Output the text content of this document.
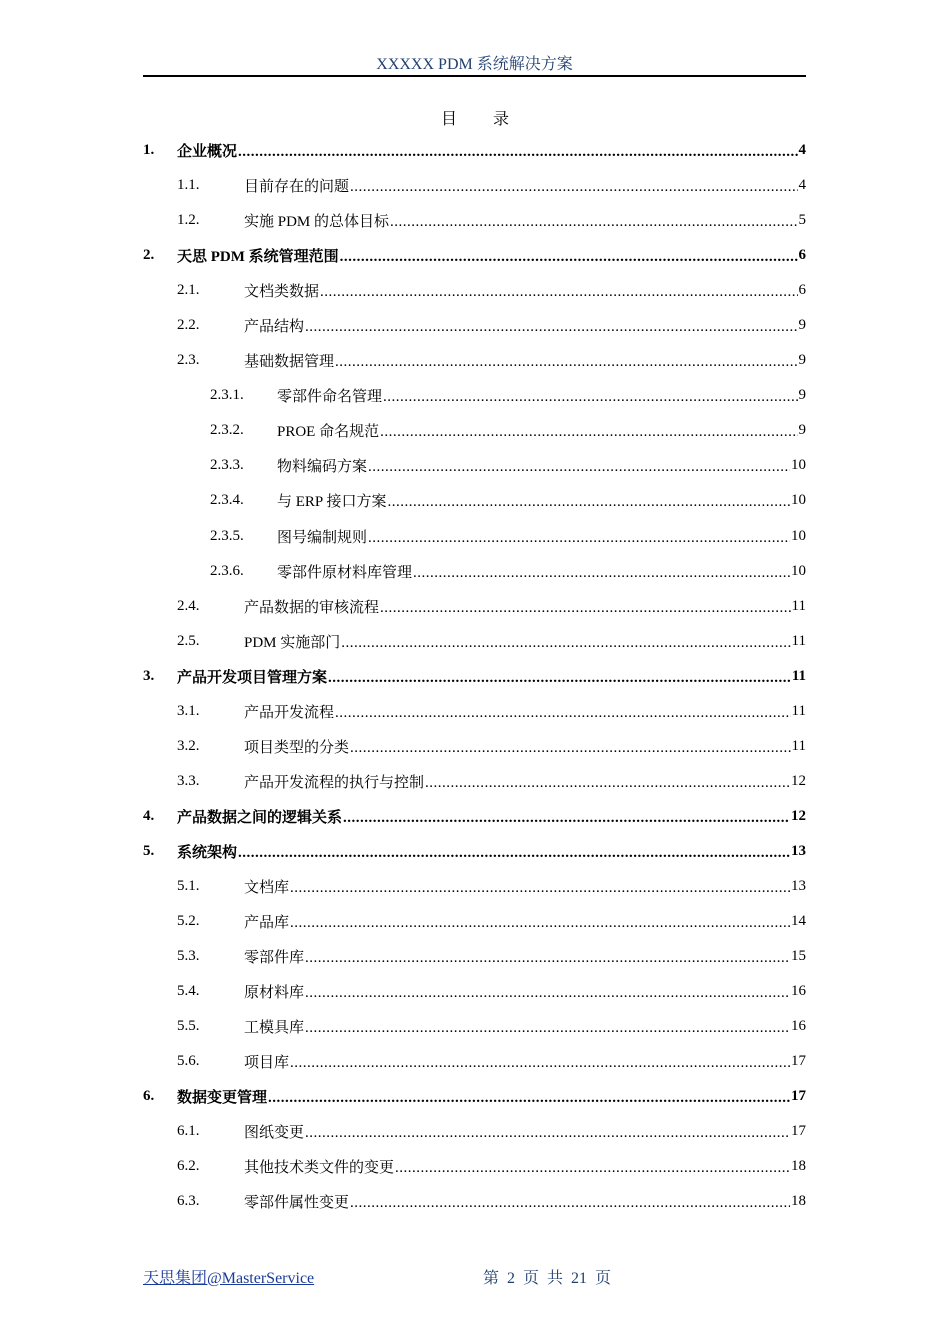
XXXXX PDM 系统解决方案
目 录
1.	企业概况 .....	4
1.1.	目前存在的问题 .....	4
1.2.	实施 PDM 的总体目标 .....	5
2.	天思 PDM 系统管理范围 .....	6
2.1.	文档类数据 .....	6
2.2.	产品结构 .....	9
2.3.	基础数据管理 .....	9
2.3.1.	零部件命名管理 .....	9
2.3.2.	PROE 命名规范 .....	9
2.3.3.	物料编码方案 .....	10
2.3.4.	与 ERP 接口方案 .....	10
2.3.5.	图号编制规则 .....	10
2.3.6.	零部件原材料库管理 .....	10
2.4.	产品数据的审核流程 .....	11
2.5.	PDM 实施部门 .....	11
3.	产品开发项目管理方案 .....	11
3.1.	产品开发流程 .....	11
3.2.	项目类型的分类 .....	11
3.3.	产品开发流程的执行与控制 .....	12
4.	产品数据之间的逻辑关系 .....	12
5.	系统架构 .....	13
5.1.	文档库 .....	13
5.2.	产品库 .....	14
5.3.	零部件库 .....	15
5.4.	原材料库 .....	16
5.5.	工模具库 .....	16
5.6.	项目库 .....	17
6.	数据变更管理 .....	17
6.1.	图纸变更 .....	17
6.2.	其他技术类文件的变更 .....	18
6.3.	零部件属性变更 .....	18
天思集团@MasterService	第 2 页 共 21 页
